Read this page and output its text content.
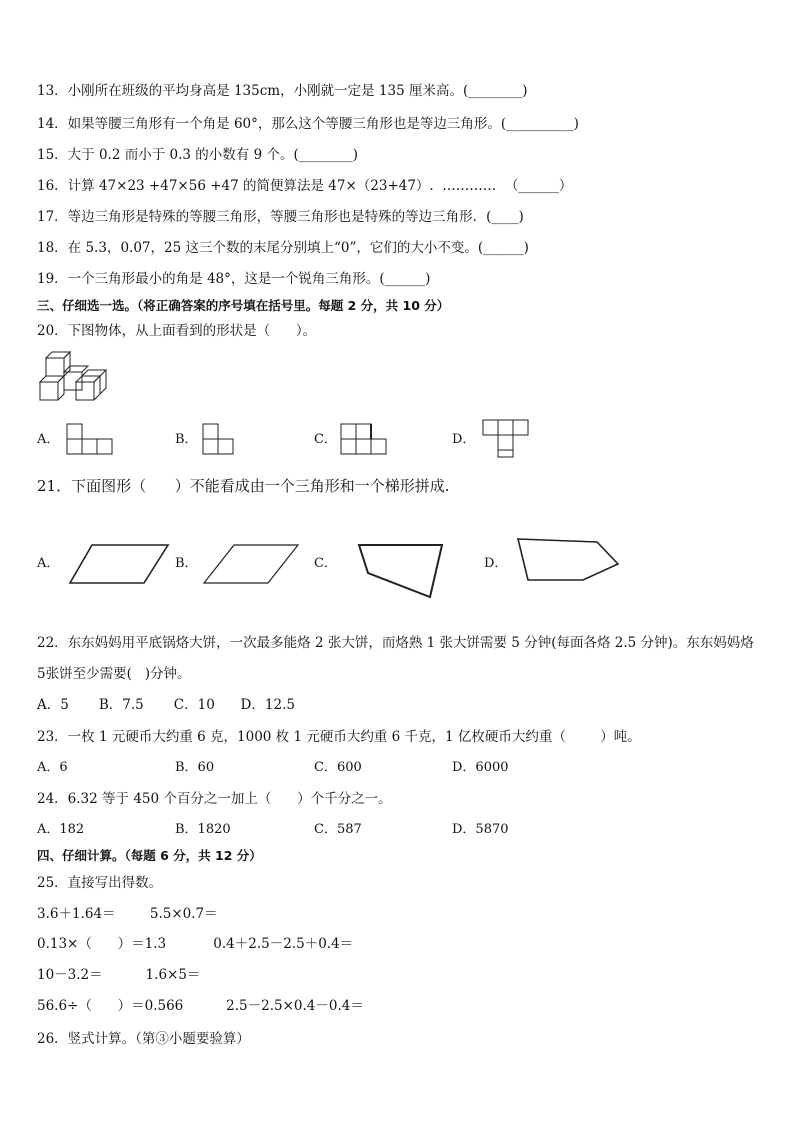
13．小刚所在班级的平均身高是 135cm，小刚就一定是 135 厘米高。(________)
14．如果等腰三角形有一个角是 60°，那么这个等腰三角形也是等边三角形。(__________)
15．大于 0.2 而小于 0.3 的小数有 9 个。(________)
16．计算 47×23 +47×56 +47 的简便算法是 47×（23+47）.  …………  （______）
17．等边三角形是特殊的等腰三角形，等腰三角形也是特殊的等边三角形．(____)
18．在 5.3，0.07，25 这三个数的末尾分别填上“0”，它们的大小不变。(______)
19．一个三角形最小的角是 48°，这是一个锐角三角形。(______)
三、仔细选一选。（将正确答案的序号填在括号里。每题 2 分，共 10 分）
20．下图物体，从上面看到的形状是（      ）。
A．	B．	C．	D．
21．下面图形（      ）不能看成由一个三角形和一个梯形拼成.
A．	B．	C．	D．
22．东东妈妈用平底锅烙大饼，一次最多能烙 2 张大饼，而烙熟 1 张大饼需要 5 分钟(每面各烙 2.5 分钟)。东东妈妈烙
5张饼至少需要(   )分钟。
A．5       B．7.5       C．10      D．12.5
23．一枚 1 元硬币大约重 6 克，1000 枚 1 元硬币大约重 6 千克，1 亿枚硬币大约重（        ）吨。
A．6	B．60	C．600	D．6000
24．6.32 等于 450 个百分之一加上（      ）个千分之一。
A．182	B．1820	C．587	D．5870
四、仔细计算。（每题 6 分，共 12 分）
25．直接写出得数。
3.6＋1.64＝        5.5×0.7＝
0.13×（      ）＝1.3           0.4＋2.5－2.5＋0.4＝
10－3.2＝          1.6×5＝
56.6÷（      ）＝0.566          2.5－2.5×0.4－0.4＝
26．竖式计算。（第③小题要验算）
